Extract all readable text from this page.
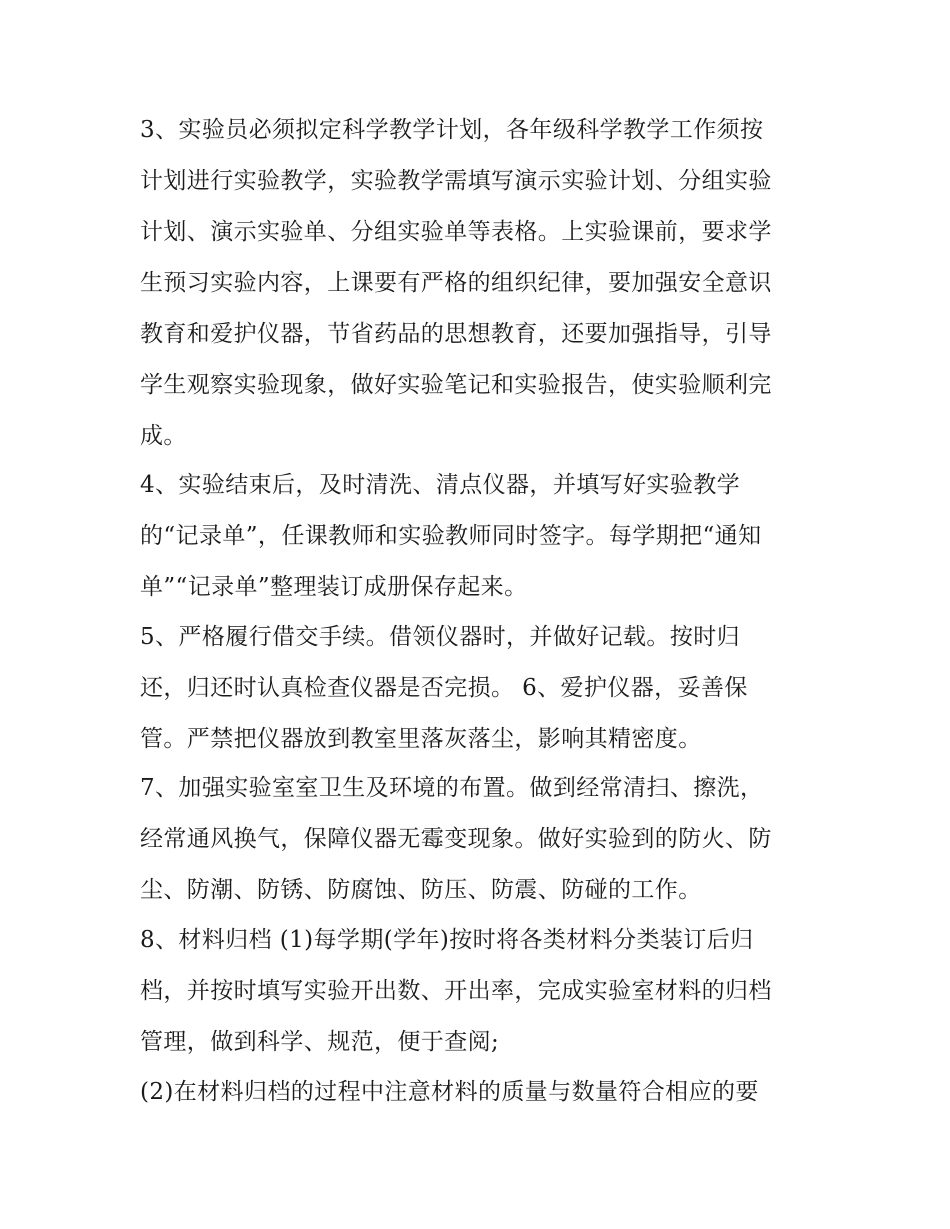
3、实验员必须拟定科学教学计划，各年级科学教学工作须按
计划进行实验教学，实验教学需填写演示实验计划、分组实验
计划、演示实验单、分组实验单等表格。上实验课前，要求学
生预习实验内容，上课要有严格的组织纪律，要加强安全意识
教育和爱护仪器，节省药品的思想教育，还要加强指导，引导
学生观察实验现象，做好实验笔记和实验报告，使实验顺利完
成。
4、实验结束后，及时清洗、清点仪器，并填写好实验教学
的“记录单”，任课教师和实验教师同时签字。每学期把“通知
单”“记录单”整理装订成册保存起来。
5、严格履行借交手续。借领仪器时，并做好记载。按时归
还，归还时认真检查仪器是否完损。 6、爱护仪器，妥善保
管。严禁把仪器放到教室里落灰落尘，影响其精密度。
7、加强实验室室卫生及环境的布置。做到经常清扫、擦洗，
经常通风换气，保障仪器无霉变现象。做好实验到的防火、防
尘、防潮、防锈、防腐蚀、防压、防震、防碰的工作。
8、材料归档 (1)每学期(学年)按时将各类材料分类装订后归
档，并按时填写实验开出数、开出率，完成实验室材料的归档
管理，做到科学、规范，便于查阅;
(2)在材料归档的过程中注意材料的质量与数量符合相应的要
